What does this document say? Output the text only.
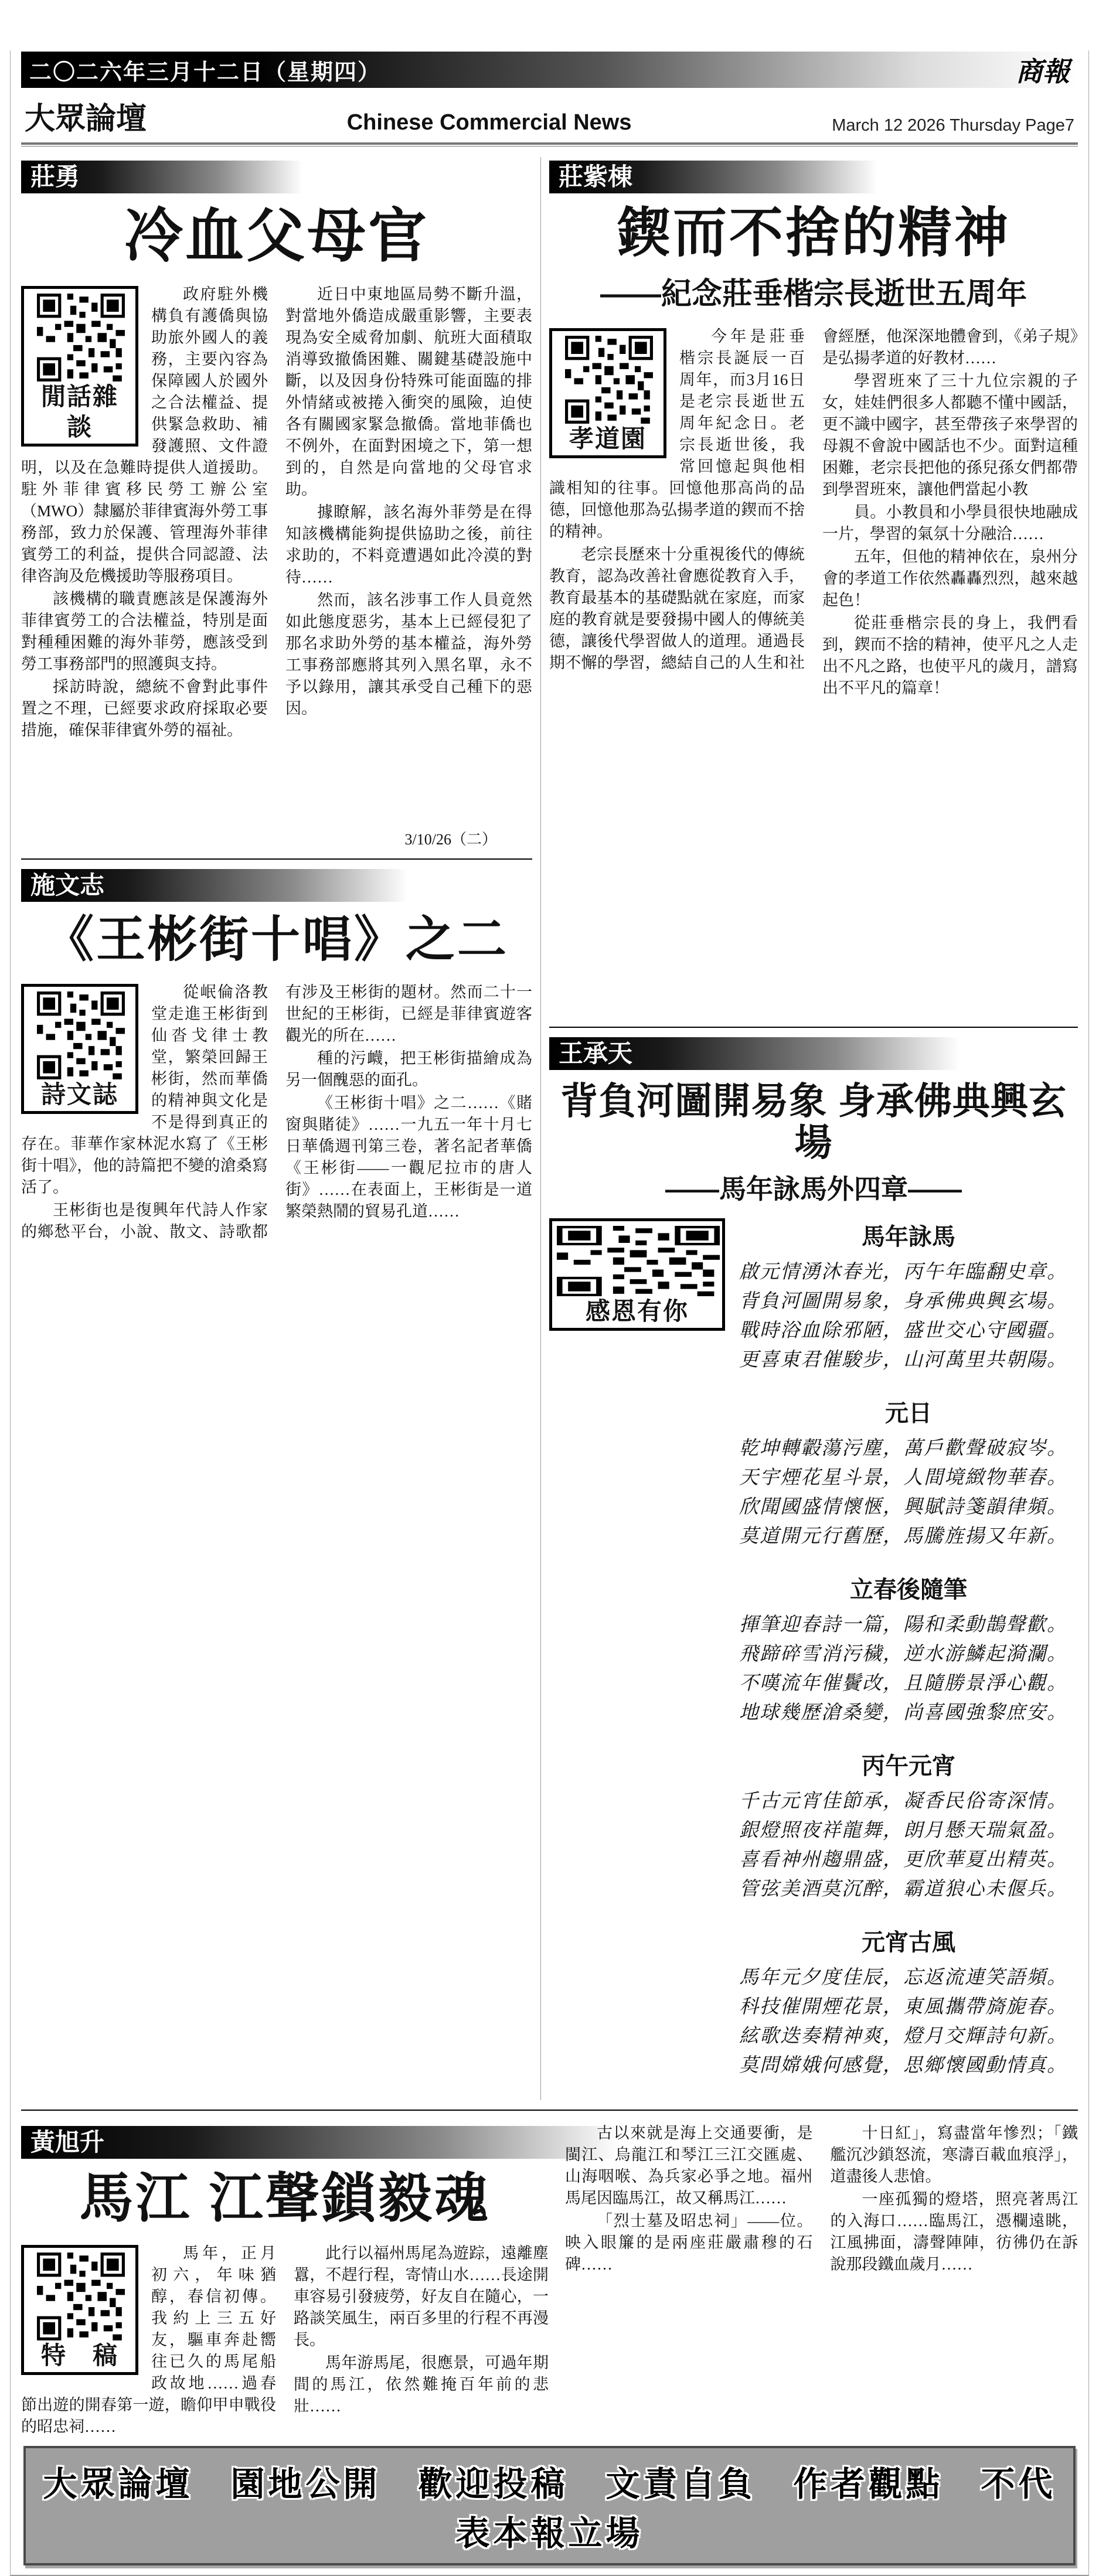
二〇二六年三月十二日（星期四）	商報
大眾論壇	Chinese Commercial News	March 12 2026 Thursday Page7
莊勇
冷血父母官
閒話雜談

政府駐外機構負有護僑與協助旅外國人的義務，主要內容為保障國人於國外之合法權益、提供緊急救助、補發護照、文件證明，以及在急難時提供人道援助。駐外菲律賓移民勞工辦公室（MWO）隸屬於菲律賓海外勞工事務部，致力於保護、管理海外菲律賓勞工的利益，提供合同認證、法律咨詢及危機援助等服務項目。

該機構的職責應該是保護海外菲律賓勞工的合法權益，特別是面對種種困難的海外菲勞，應該受到勞工事務部門的照護與支持。

採訪時說，總統不會對此事件置之不理，已經要求政府採取必要措施，確保菲律賓外勞的福祉。

近日中東地區局勢不斷升溫，對當地外僑造成嚴重影響，主要表現為安全威脅加劇、航班大面積取消導致撤僑困難、關鍵基礎設施中斷，以及因身份特殊可能面臨的排外情緒或被捲入衝突的風險，迫使各有關國家緊急撤僑。當地菲僑也不例外，在面對困境之下，第一想到的，自然是向當地的父母官求助。

據瞭解，該名海外菲勞是在得知該機構能夠提供協助之後，前往求助的，不料竟遭遇如此冷漠的對待……

然而，該名涉事工作人員竟然如此態度惡劣，基本上已經侵犯了那名求助外勞的基本權益，海外勞工事務部應將其列入黑名單，永不予以錄用，讓其承受自己種下的惡因。

3/10/26（二）
施文志
《王彬街十唱》之二
詩文誌

從岷倫洛教堂走進王彬街到仙沓戈律士教堂，繁榮回歸王彬街，然而華僑的精神與文化是不是得到真正的存在。菲華作家林泥水寫了《王彬街十唱》，他的詩篇把不變的滄桑寫活了。

王彬街也是復興年代詩人作家的鄉愁平台，小說、散文、詩歌都有涉及王彬街的題材。然而二十一世紀的王彬街，已經是菲律賓遊客觀光的所在……

種的污衊，把王彬街描繪成為另一個醜惡的面孔。

《王彬街十唱》之二……《賭窗與賭徒》……一九五一年十月七日華僑週刊第三卷，著名記者華僑《王彬街——一觀尼拉市的唐人街》……在表面上，王彬街是一道繁榮熱鬧的貿易孔道……

莊紫棟
鍥而不捨的精神
——紀念莊垂楷宗長逝世五周年
孝道園

今年是莊垂楷宗長誕辰一百周年，而3月16日是老宗長逝世五周年紀念日。老宗長逝世後，我常回憶起與他相識相知的往事。回憶他那高尚的品德，回憶他那為弘揚孝道的鍥而不捨的精神。

老宗長歷來十分重視後代的傳統教育，認為改善社會應從教育入手，教育最基本的基礎點就在家庭，而家庭的教育就是要發揚中國人的傳統美德，讓後代學習做人的道理。通過長期不懈的學習，總結自己的人生和社會經歷，他深深地體會到，《弟子規》是弘揚孝道的好教材……

學習班來了三十九位宗親的子女，娃娃們很多人都聽不懂中國話，更不識中國字，甚至帶孩子來學習的母親不會說中國話也不少。面對這種困難，老宗長把他的孫兒孫女們都帶到學習班來，讓他們當起小教

員。小教員和小學員很快地融成一片，學習的氣氛十分融洽……

五年，但他的精神依在，泉州分會的孝道工作依然轟轟烈烈，越來越起色！

從莊垂楷宗長的身上，我們看到，鍥而不捨的精神，使平凡之人走出不凡之路，也使平凡的歲月，譜寫出不平凡的篇章！

王承天
背負河圖開易象 身承佛典興玄場
——馬年詠馬外四章——
感恩有你
馬年詠馬
啟元情湧沐春光，丙午年臨翻史章。
背負河圖開易象，身承佛典興玄場。
戰時浴血除邪陋，盛世交心守國疆。
更喜東君催駿步，山河萬里共朝陽。
元日
乾坤轉轂蕩污塵，萬戶歡聲破寂岑。
天宇煙花星斗景，人間境緻物華春。
欣聞國盛情懷愜，興賦詩箋韻律頻。
莫道開元行舊歷，馬騰旌揚又年新。
立春後隨筆
揮筆迎春詩一篇，陽和柔動鵲聲歡。
飛蹄碎雪消污穢，逆水游鱗起漪瀾。
不嘆流年催鬢改，且隨勝景淨心觀。
地球幾歷滄桑變，尚喜國強黎庶安。
丙午元宵
千古元宵佳節承，凝香民俗寄深情。
銀燈照夜祥龍舞，朗月懸天瑞氣盈。
喜看神州趨鼎盛，更欣華夏出精英。
管弦美酒莫沉醉，霸道狼心未偃兵。
元宵古風
馬年元夕度佳辰，忘返流連笑語頻。
科技催開煙花景，東風攜帶旖旎春。
絃歌迭奏精神爽，燈月交輝詩句新。
莫問嫦娥何感覺，思鄉懷國動情真。
黃旭升
馬江 江聲鎖毅魂
特　稿

馬年，正月初六，年味猶醇，春信初傳。我約上三五好友，驅車奔赴嚮往已久的馬尾船政故地……過春節出遊的開春第一遊，瞻仰甲申戰役的昭忠祠……

此行以福州馬尾為遊踪，遠離塵囂，不趕行程，寄情山水……長途開車容易引發疲勞，好友自在隨心，一路談笑風生，兩百多里的行程不再漫長。

馬年游馬尾，很應景，可過年期間的馬江，依然難掩百年前的悲壯……

古以來就是海上交通要衝，是閩江、烏龍江和琴江三江交匯處、山海咽喉、為兵家必爭之地。福州馬尾因臨馬江，故又稱馬江……

「烈士墓及昭忠祠」——位。映入眼簾的是兩座莊嚴肅穆的石碑……

十日紅」，寫盡當年慘烈；「鐵艦沉沙鎖怒流，寒濤百載血痕浮」，道盡後人悲愴。

一座孤獨的燈塔，照亮著馬江的入海口……臨馬江，憑欄遠眺，江風拂面，濤聲陣陣，彷彿仍在訴說那段鐵血歲月……

大眾論壇　園地公開　歡迎投稿　文責自負　作者觀點　不代表本報立場
